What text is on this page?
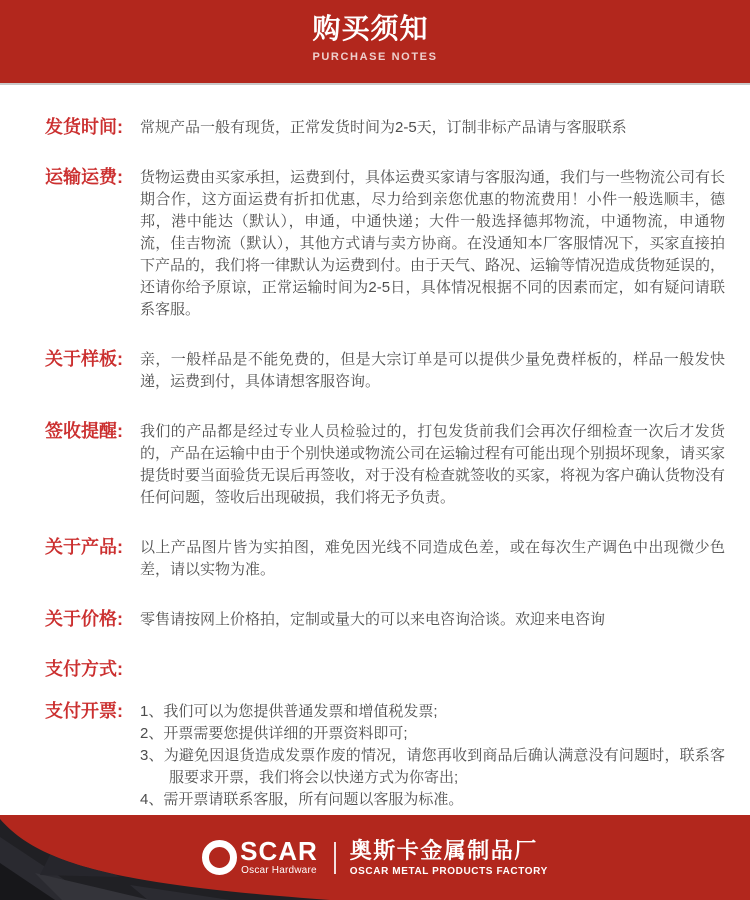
购买须知
PURCHASE NOTES
发货时间:	常规产品一般有现货，正常发货时间为2-5天，订制非标产品请与客服联系
运输运费:	货物运费由买家承担，运费到付，具体运费买家请与客服沟通，我们与一些物流公司有长期合作，这方面运费有折扣优惠，尽力给到亲您优惠的物流费用！小件一般选顺丰，德邦，港中能达（默认），申通，中通快递；大件一般选择德邦物流，中通物流，申通物流，佳吉物流（默认），其他方式请与卖方协商。在没通知本厂客服情况下，买家直接拍下产品的，我们将一律默认为运费到付。由于天气、路况、运输等情况造成货物延误的，还请你给予原谅，正常运输时间为2-5日，具体情况根据不同的因素而定，如有疑问请联系客服。
关于样板:	亲，一般样品是不能免费的，但是大宗订单是可以提供少量免费样板的，样品一般发快递，运费到付，具体请想客服咨询。
签收提醒:	我们的产品都是经过专业人员检验过的，打包发货前我们会再次仔细检查一次后才发货的，产品在运输中由于个别快递或物流公司在运输过程有可能出现个别损坏现象，请买家提货时要当面验货无误后再签收，对于没有检查就签收的买家，将视为客户确认货物没有任何问题，签收后出现破损，我们将无予负责。
关于产品:	以上产品图片皆为实拍图，难免因光线不同造成色差，或在每次生产调色中出现微少色差，请以实物为准。
关于价格:	零售请按网上价格拍，定制或量大的可以来电咨询洽谈。欢迎来电咨询
支付方式:
支付开票:	1、我们可以为您提供普通发票和增值税发票;
2、开票需要您提供详细的开票资料即可;
3、为避免因退货造成发票作废的情况，请您再收到商品后确认满意没有问题时，联系客服要求开票，我们将会以快递方式为你寄出;
4、需开票请联系客服，所有问题以客服为标准。
SCAR
Oscar Hardware
奥斯卡金属制品厂
OSCAR METAL PRODUCTS FACTORY
